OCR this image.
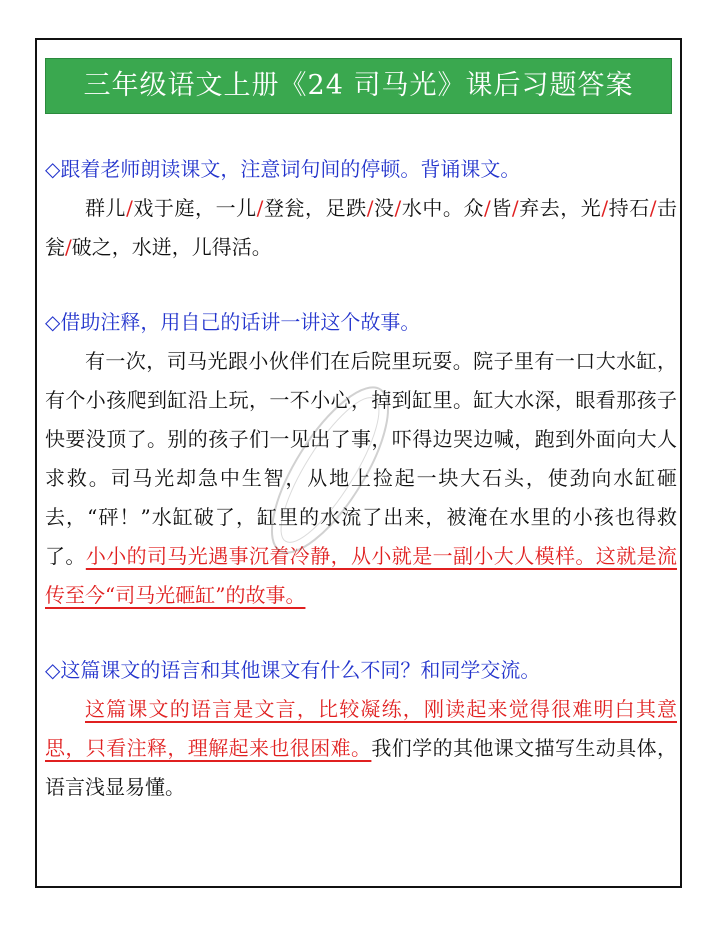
三年级语文上册《24 司马光》课后习题答案

◇跟着老师朗读课文，注意词句间的停顿。背诵课文。

群儿/戏于庭，一儿/登瓮，足跌/没/水中。众/皆/弃去，光/持石/击瓮/破之，水迸，儿得活。

◇借助注释，用自己的话讲一讲这个故事。

有一次，司马光跟小伙伴们在后院里玩耍。院子里有一口大水缸，有个小孩爬到缸沿上玩，一不小心，掉到缸里。缸大水深，眼看那孩子快要没顶了。别的孩子们一见出了事，吓得边哭边喊，跑到外面向大人求救。司马光却急中生智，从地上捡起一块大石头，使劲向水缸砸去，“砰！”水缸破了，缸里的水流了出来，被淹在水里的小孩也得救了。小小的司马光遇事沉着冷静，从小就是一副小大人模样。这就是流传至今“司马光砸缸”的故事。

◇这篇课文的语言和其他课文有什么不同？和同学交流。

这篇课文的语言是文言，比较凝练，刚读起来觉得很难明白其意思，只看注释，理解起来也很困难。我们学的其他课文描写生动具体，语言浅显易懂。
